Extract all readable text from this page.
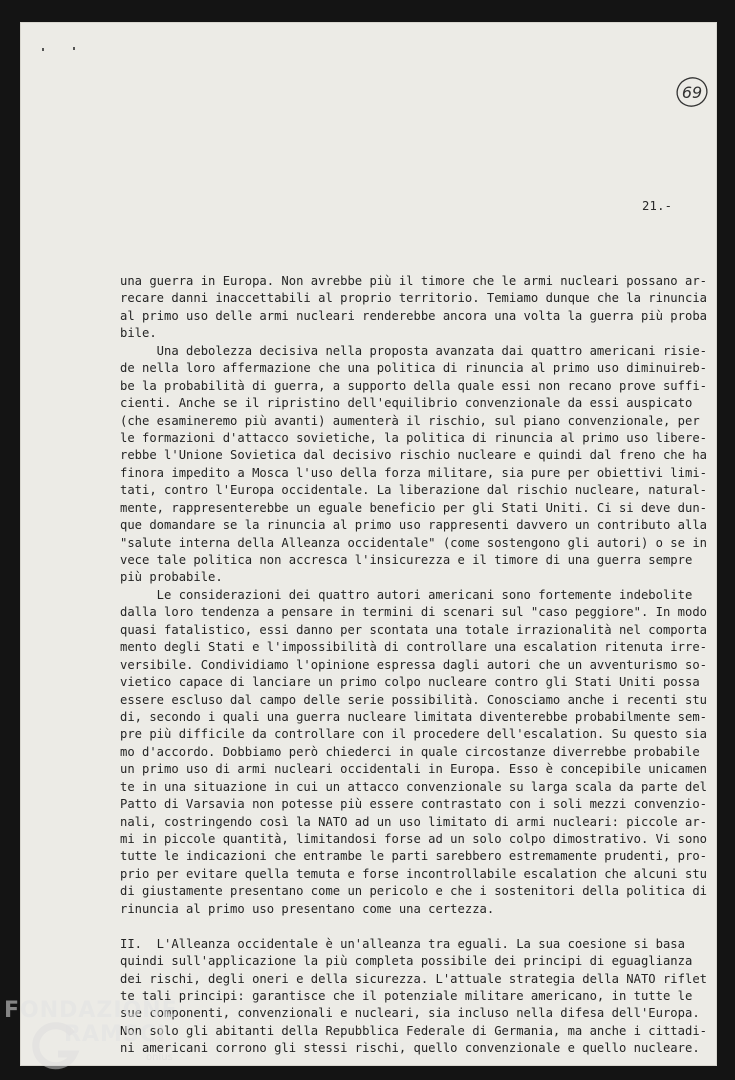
69
21.-
una guerra in Europa. Non avrebbe più il timore che le armi nucleari possano ar-
recare danni inaccettabili al proprio territorio. Temiamo dunque che la rinuncia
al primo uso delle armi nucleari renderebbe ancora una volta la guerra più proba
bile.
Una debolezza decisiva nella proposta avanzata dai quattro americani risie-
de nella loro affermazione che una politica di rinuncia al primo uso diminuireb-
be la probabilità di guerra, a supporto della quale essi non recano prove suffi-
cienti. Anche se il ripristino dell'equilibrio convenzionale da essi auspicato
(che esamineremo più avanti) aumenterà il rischio, sul piano convenzionale, per
le formazioni d'attacco sovietiche, la politica di rinuncia al primo uso libere-
rebbe l'Unione Sovietica dal decisivo rischio nucleare e quindi dal freno che ha
finora impedito a Mosca l'uso della forza militare, sia pure per obiettivi limi-
tati, contro l'Europa occidentale. La liberazione dal rischio nucleare, natural-
mente, rappresenterebbe un eguale beneficio per gli Stati Uniti. Ci si deve dun-
que domandare se la rinuncia al primo uso rappresenti davvero un contributo alla
"salute interna della Alleanza occidentale" (come sostengono gli autori) o se in
vece tale politica non accresca l'insicurezza e il timore di una guerra sempre
più probabile.
Le considerazioni dei quattro autori americani sono fortemente indebolite
dalla loro tendenza a pensare in termini di scenari sul "caso peggiore". In modo
quasi fatalistico, essi danno per scontata una totale irrazionalità nel comporta
mento degli Stati e l'impossibilità di controllare una escalation ritenuta irre-
versibile. Condividiamo l'opinione espressa dagli autori che un avventurismo so-
vietico capace di lanciare un primo colpo nucleare contro gli Stati Uniti possa
essere escluso dal campo delle serie possibilità. Conosciamo anche i recenti stu
di, secondo i quali una guerra nucleare limitata diventerebbe probabilmente sem-
pre più difficile da controllare con il procedere dell'escalation. Su questo sia
mo d'accordo. Dobbiamo però chiederci in quale circostanze diverrebbe probabile
un primo uso di armi nucleari occidentali in Europa. Esso è concepibile unicamen
te in una situazione in cui un attacco convenzionale su larga scala da parte del
Patto di Varsavia non potesse più essere contrastato con i soli mezzi convenzio-
nali, costringendo così la NATO ad un uso limitato di armi nucleari: piccole ar-
mi in piccole quantità, limitandosi forse ad un solo colpo dimostrativo. Vi sono
tutte le indicazioni che entrambe le parti sarebbero estremamente prudenti, pro-
prio per evitare quella temuta e forse incontrollabile escalation che alcuni stu
di giustamente presentano come un pericolo e che i sostenitori della politica di
rinuncia al primo uso presentano come una certezza.
II.  L'Alleanza occidentale è un'alleanza tra eguali. La sua coesione si basa
quindi sull'applicazione la più completa possibile dei principi di eguaglianza
dei rischi, degli oneri e della sicurezza. L'attuale strategia della NATO riflet
te tali principi: garantisce che il potenziale militare americano, in tutte le
sue componenti, convenzionali e nucleari, sia incluso nella difesa dell'Europa.
Non solo gli abitanti della Repubblica Federale di Germania, ma anche i cittadi-
ni americani corrono gli stessi rischi, quello convenzionale e quello nucleare.
FONDAZIONE
RAMSCI
onlus
